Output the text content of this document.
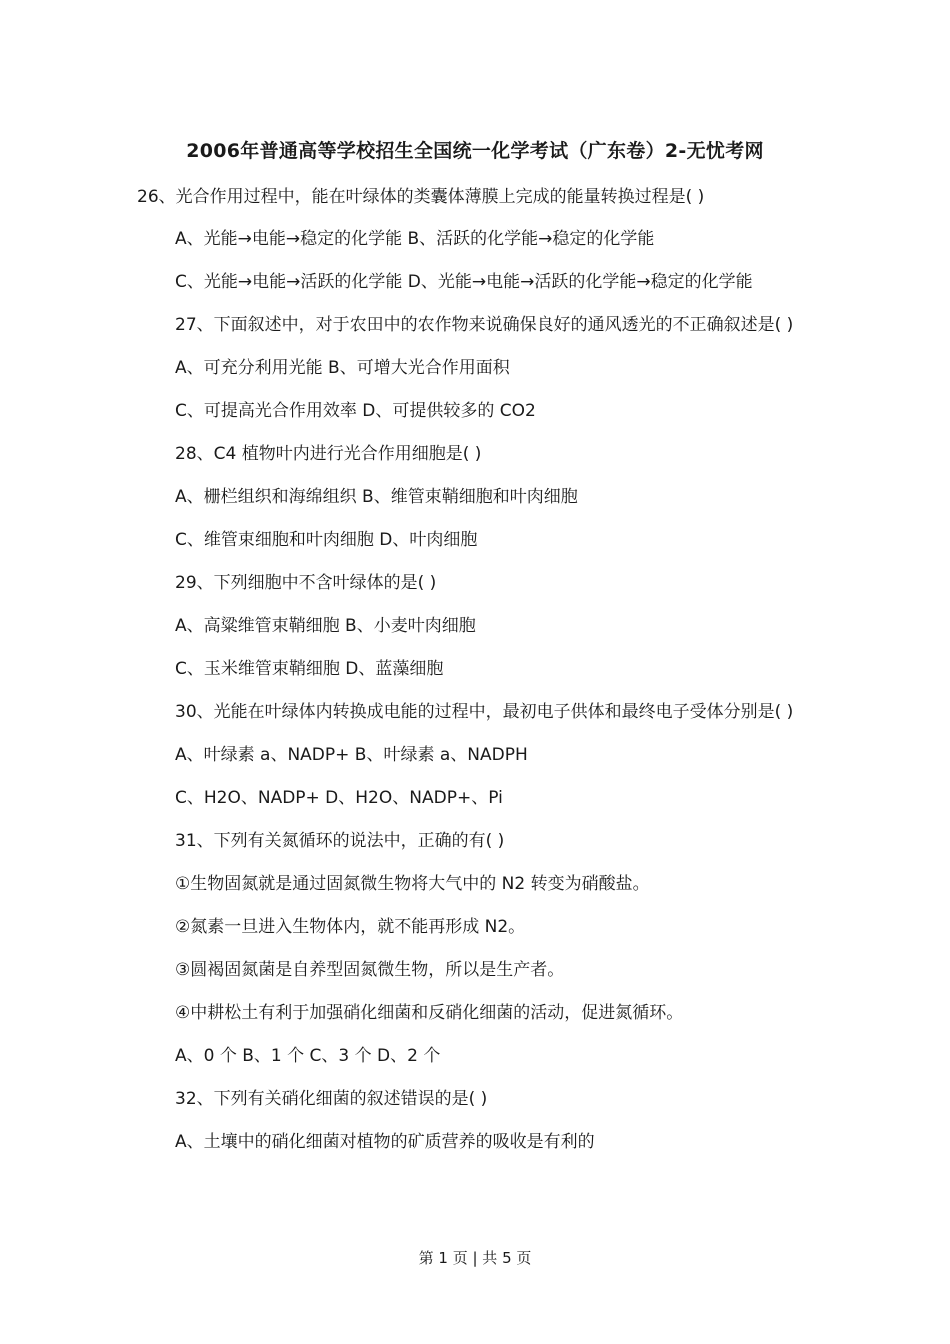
2006年普通高等学校招生全国统一化学考试（广东卷）2-无忧考网

26、光合作用过程中，能在叶绿体的类囊体薄膜上完成的能量转换过程是( )

A、光能→电能→稳定的化学能 B、活跃的化学能→稳定的化学能

C、光能→电能→活跃的化学能 D、光能→电能→活跃的化学能→稳定的化学能

27、下面叙述中，对于农田中的农作物来说确保良好的通风透光的不正确叙述是( )

A、可充分利用光能 B、可增大光合作用面积

C、可提高光合作用效率 D、可提供较多的 CO2

28、C4 植物叶内进行光合作用细胞是( )

A、栅栏组织和海绵组织 B、维管束鞘细胞和叶肉细胞

C、维管束细胞和叶肉细胞 D、叶肉细胞

29、下列细胞中不含叶绿体的是( )

A、高粱维管束鞘细胞 B、小麦叶肉细胞

C、玉米维管束鞘细胞 D、蓝藻细胞

30、光能在叶绿体内转换成电能的过程中，最初电子供体和最终电子受体分别是( )

A、叶绿素 a、NADP+ B、叶绿素 a、NADPH

C、H2O、NADP+ D、H2O、NADP+、Pi

31、下列有关氮循环的说法中，正确的有( )

①生物固氮就是通过固氮微生物将大气中的 N2 转变为硝酸盐。

②氮素一旦进入生物体内，就不能再形成 N2。

③圆褐固氮菌是自养型固氮微生物，所以是生产者。

④中耕松土有利于加强硝化细菌和反硝化细菌的活动，促进氮循环。

A、0 个 B、1 个 C、3 个 D、2 个

32、下列有关硝化细菌的叙述错误的是( )

A、土壤中的硝化细菌对植物的矿质营养的吸收是有利的

第 1 页 | 共 5 页
